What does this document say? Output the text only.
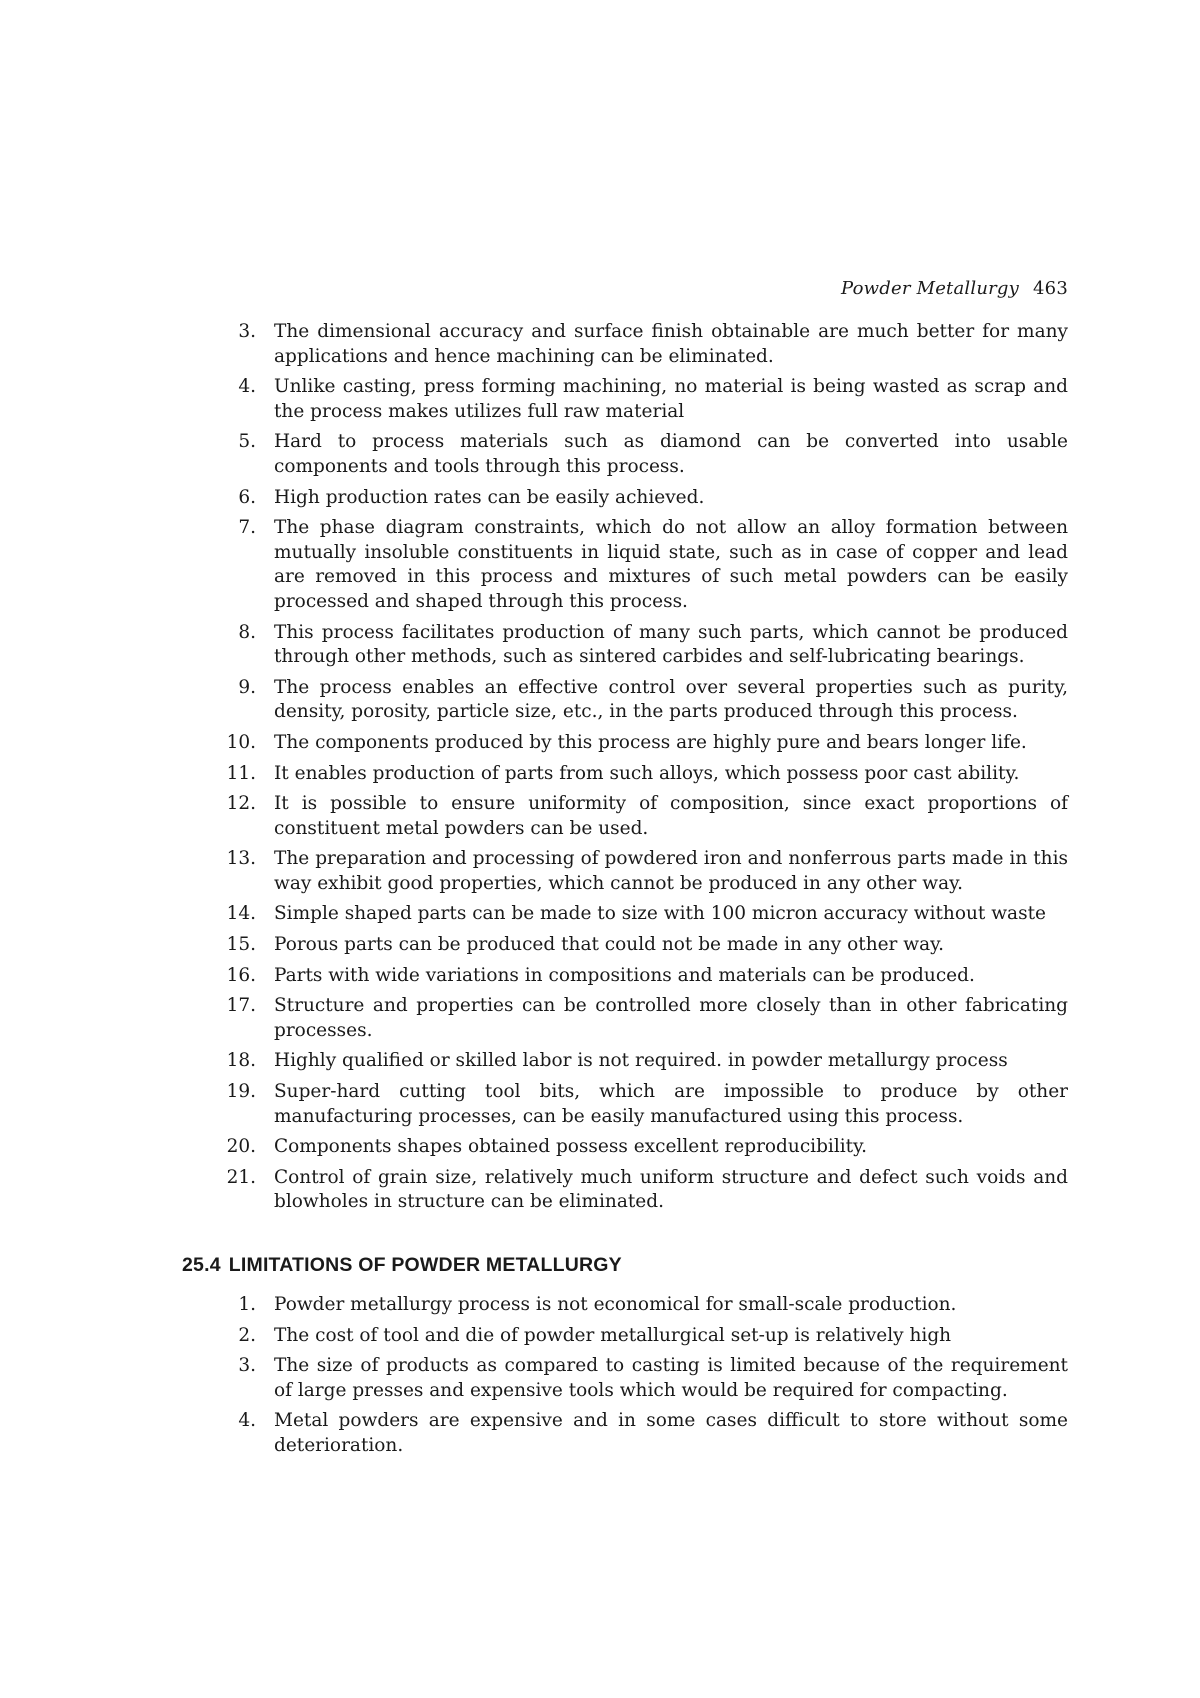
Powder Metallurgy 463
3. The dimensional accuracy and surface finish obtainable are much better for many applications and hence machining can be eliminated.
4. Unlike casting, press forming machining, no material is being wasted as scrap and the process makes utilizes full raw material
5. Hard to process materials such as diamond can be converted into usable components and tools through this process.
6. High production rates can be easily achieved.
7. The phase diagram constraints, which do not allow an alloy formation between mutually insoluble constituents in liquid state, such as in case of copper and lead are removed in this process and mixtures of such metal powders can be easily processed and shaped through this process.
8. This process facilitates production of many such parts, which cannot be produced through other methods, such as sintered carbides and self-lubricating bearings.
9. The process enables an effective control over several properties such as purity, density, porosity, particle size, etc., in the parts produced through this process.
10. The components produced by this process are highly pure and bears longer life.
11. It enables production of parts from such alloys, which possess poor cast ability.
12. It is possible to ensure uniformity of composition, since exact proportions of constituent metal powders can be used.
13. The preparation and processing of powdered iron and nonferrous parts made in this way exhibit good properties, which cannot be produced in any other way.
14. Simple shaped parts can be made to size with 100 micron accuracy without waste
15. Porous parts can be produced that could not be made in any other way.
16. Parts with wide variations in compositions and materials can be produced.
17. Structure and properties can be controlled more closely than in other fabricating processes.
18. Highly qualified or skilled labor is not required. in powder metallurgy process
19. Super-hard cutting tool bits, which are impossible to produce by other manufacturing processes, can be easily manufactured using this process.
20. Components shapes obtained possess excellent reproducibility.
21. Control of grain size, relatively much uniform structure and defect such voids and blowholes in structure can be eliminated.
25.4 LIMITATIONS OF POWDER METALLURGY
1. Powder metallurgy process is not economical for small-scale production.
2. The cost of tool and die of powder metallurgical set-up is relatively high
3. The size of products as compared to casting is limited because of the requirement of large presses and expensive tools which would be required for compacting.
4. Metal powders are expensive and in some cases difficult to store without some deterioration.
